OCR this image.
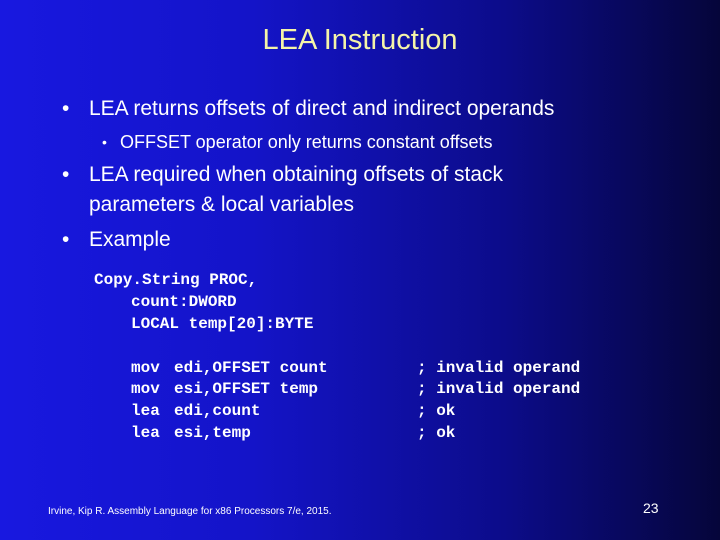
LEA Instruction
• LEA returns offsets of direct and indirect operands
• OFFSET operator only returns constant offsets
• LEA required when obtaining offsets of stack
parameters & local variables
• Example
Copy.String PROC,
count:DWORD
LOCAL temp[20]:BYTE
mov edi,OFFSET count	; invalid operand
mov esi,OFFSET temp	; invalid operand
lea edi,count	; ok
lea esi,temp	; ok
Irvine, Kip R. Assembly Language for x86 Processors 7/e, 2015.	23
